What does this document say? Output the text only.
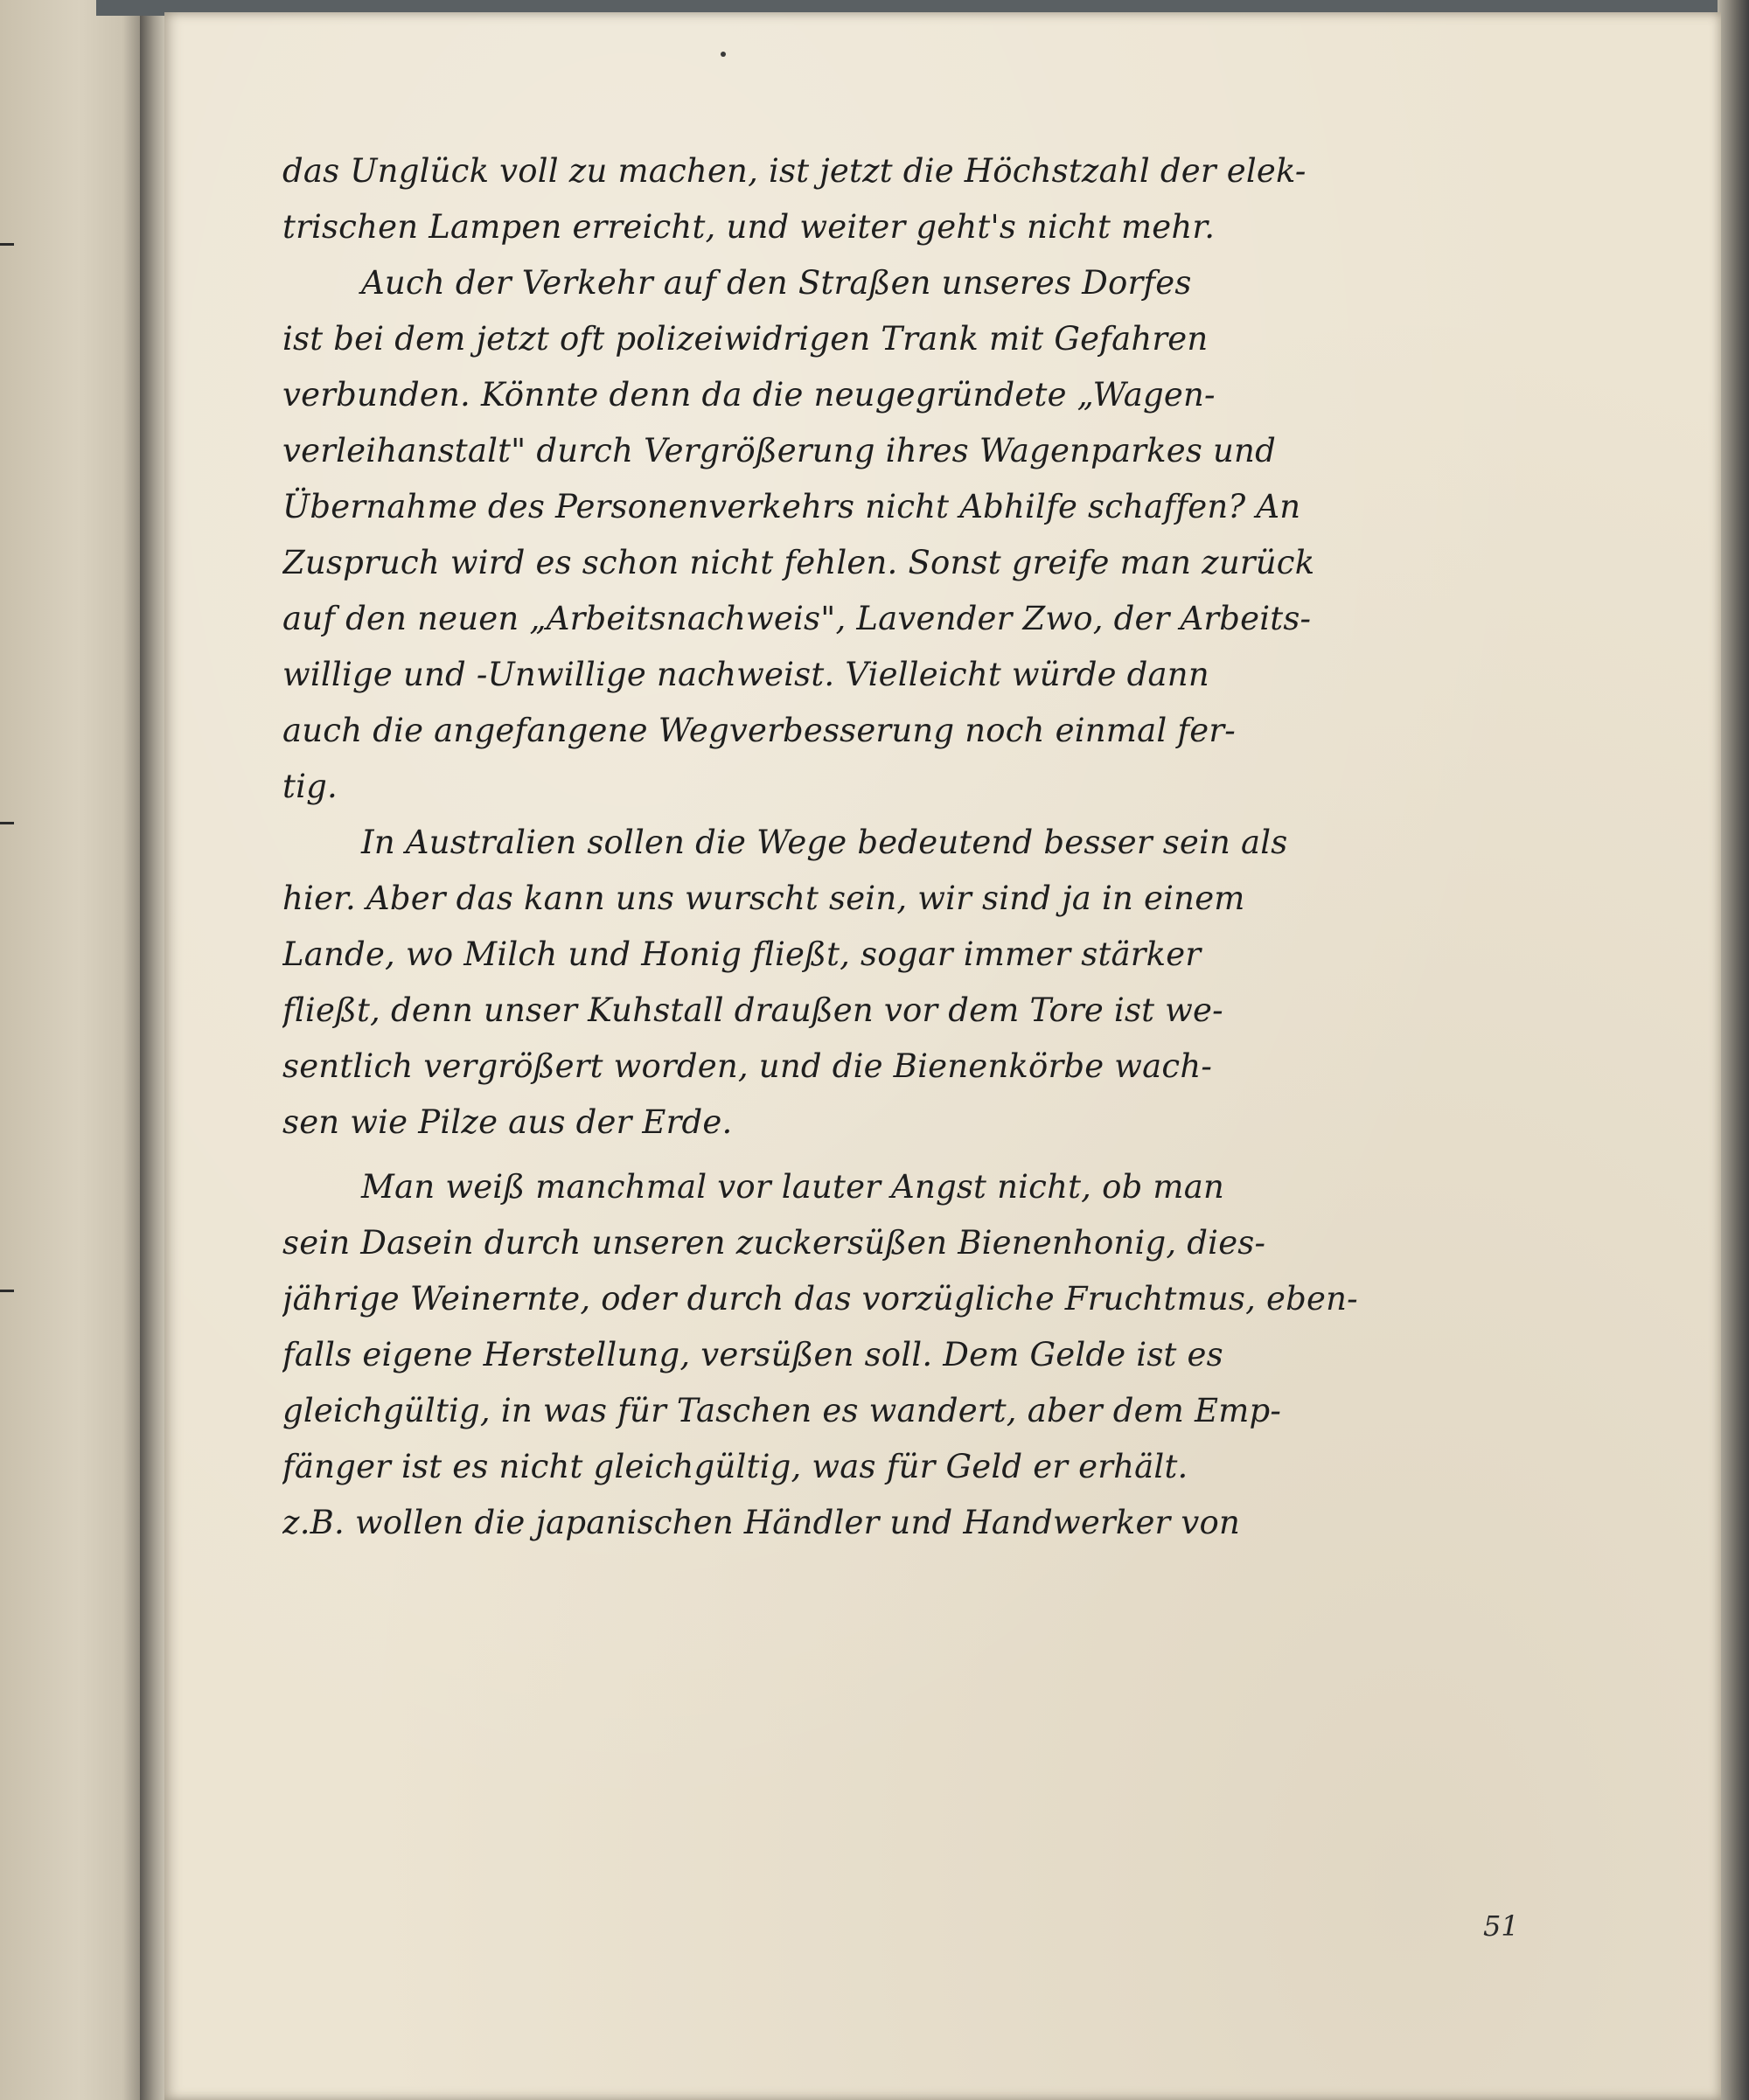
das Unglück voll zu machen, ist jetzt die Höchstzahl der elek-
trischen Lampen erreicht, und weiter geht's nicht mehr.
Auch der Verkehr auf den Straßen unseres Dorfes
ist bei dem jetzt oft polizeiwidrigen Trank mit Gefahren
verbunden. Könnte denn da die neugegründete „Wagen-
verleihanstalt" durch Vergrößerung ihres Wagenparkes und
Übernahme des Personenverkehrs nicht Abhilfe schaffen? An
Zuspruch wird es schon nicht fehlen. Sonst greife man zurück
auf den neuen „Arbeitsnachweis", Lavender Zwo, der Arbeits-
willige und -Unwillige nachweist. Vielleicht würde dann
auch die angefangene Wegverbesserung noch einmal fer-
tig.
In Australien sollen die Wege bedeutend besser sein als
hier. Aber das kann uns wurscht sein, wir sind ja in einem
Lande, wo Milch und Honig fließt, sogar immer stärker
fließt, denn unser Kuhstall draußen vor dem Tore ist we-
sentlich vergrößert worden, und die Bienenkörbe wach-
sen wie Pilze aus der Erde.
Man weiß manchmal vor lauter Angst nicht, ob man
sein Dasein durch unseren zuckersüßen Bienenhonig, dies-
jährige Weinernte, oder durch das vorzügliche Fruchtmus, eben-
falls eigene Herstellung, versüßen soll. Dem Gelde ist es
gleichgültig, in was für Taschen es wandert, aber dem Emp-
fänger ist es nicht gleichgültig, was für Geld er erhält.
z.B. wollen die japanischen Händler und Handwerker von
51
